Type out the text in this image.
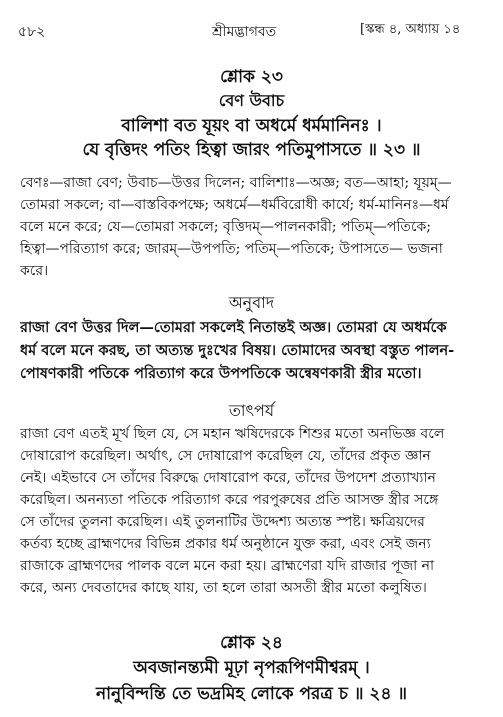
৫৮২	শ্রীমদ্ভাগবত	[স্কন্ধ ৪, অধ্যায় ১৪
শ্লোক ২৩
বেণ উবাচ
বালিশা বত যূয়ং বা অধর্মে ধর্মমানিনঃ ।
যে বৃত্তিদং পতিং হিত্বা জারং পতিমুপাসতে ॥ ২৩ ॥
বেণঃ—রাজা বেণ; উবাচ—উত্তর দিলেন; বালিশাঃ—অজ্ঞ; বত—আহা; যূয়ম্—
তোমরা সকলে; বা—বাস্তবিকপক্ষে; অধর্মে—ধর্মবিরোধী কার্যে; ধর্ম-মানিনঃ—ধর্ম
বলে মনে করে; যে—তোমরা সকলে; বৃত্তিদম্—পালনকারী; পতিম্—পতিকে;
হিত্বা—পরিত্যাগ করে; জারম্—উপপতি; পতিম্—পতিকে; উপাসতে— ভজনা
করে।
অনুবাদ
রাজা বেণ উত্তর দিল—তোমরা সকলেই নিতান্তই অজ্ঞ। তোমরা যে অধর্মকে
ধর্ম বলে মনে করছ, তা অত্যন্ত দুঃখের বিষয়। তোমাদের অবস্থা বস্তুত পালন-
পোষণকারী পতিকে পরিত্যাগ করে উপপতিকে অন্বেষণকারী স্ত্রীর মতো।
তাৎপর্য
রাজা বেণ এতই মূর্খ ছিল যে, সে মহান ঋষিদেরকে শিশুর মতো অনভিজ্ঞ বলে
দোষারোপ করেছিল। অর্থাৎ, সে দোষারোপ করেছিল যে, তাঁদের প্রকৃত জ্ঞান
নেই। এইভাবে সে তাঁদের বিরুদ্ধে দোষারোপ করে, তাঁদের উপদেশ প্রত্যাখ্যান
করেছিল। অনন্যতা পতিকে পরিত্যাগ করে পরপুরুষের প্রতি আসক্ত স্ত্রীর সঙ্গে
সে তাঁদের তুলনা করেছিল। এই তুলনাটির উদ্দেশ্য অত্যন্ত স্পষ্ট। ক্ষত্রিয়দের
কর্তব্য হচ্ছে ব্রাহ্মণদের বিভিন্ন প্রকার ধর্ম অনুষ্ঠানে যুক্ত করা, এবং সেই জন্য
রাজাকে ব্রাহ্মণদের পালক বলে মনে করা হয়। ব্রাহ্মণেরা যদি রাজার পূজা না
করে, অন্য দেবতাদের কাছে যায়, তা হলে তারা অসতী স্ত্রীর মতো কলুষিত।
শ্লোক ২৪
অবজানন্ত্যমী মূঢ়া নৃপরূপিণমীশ্বরম্ ।
নানুবিন্দন্তি তে ভদ্রমিহ লোকে পরত্র চ ॥ ২৪ ॥
